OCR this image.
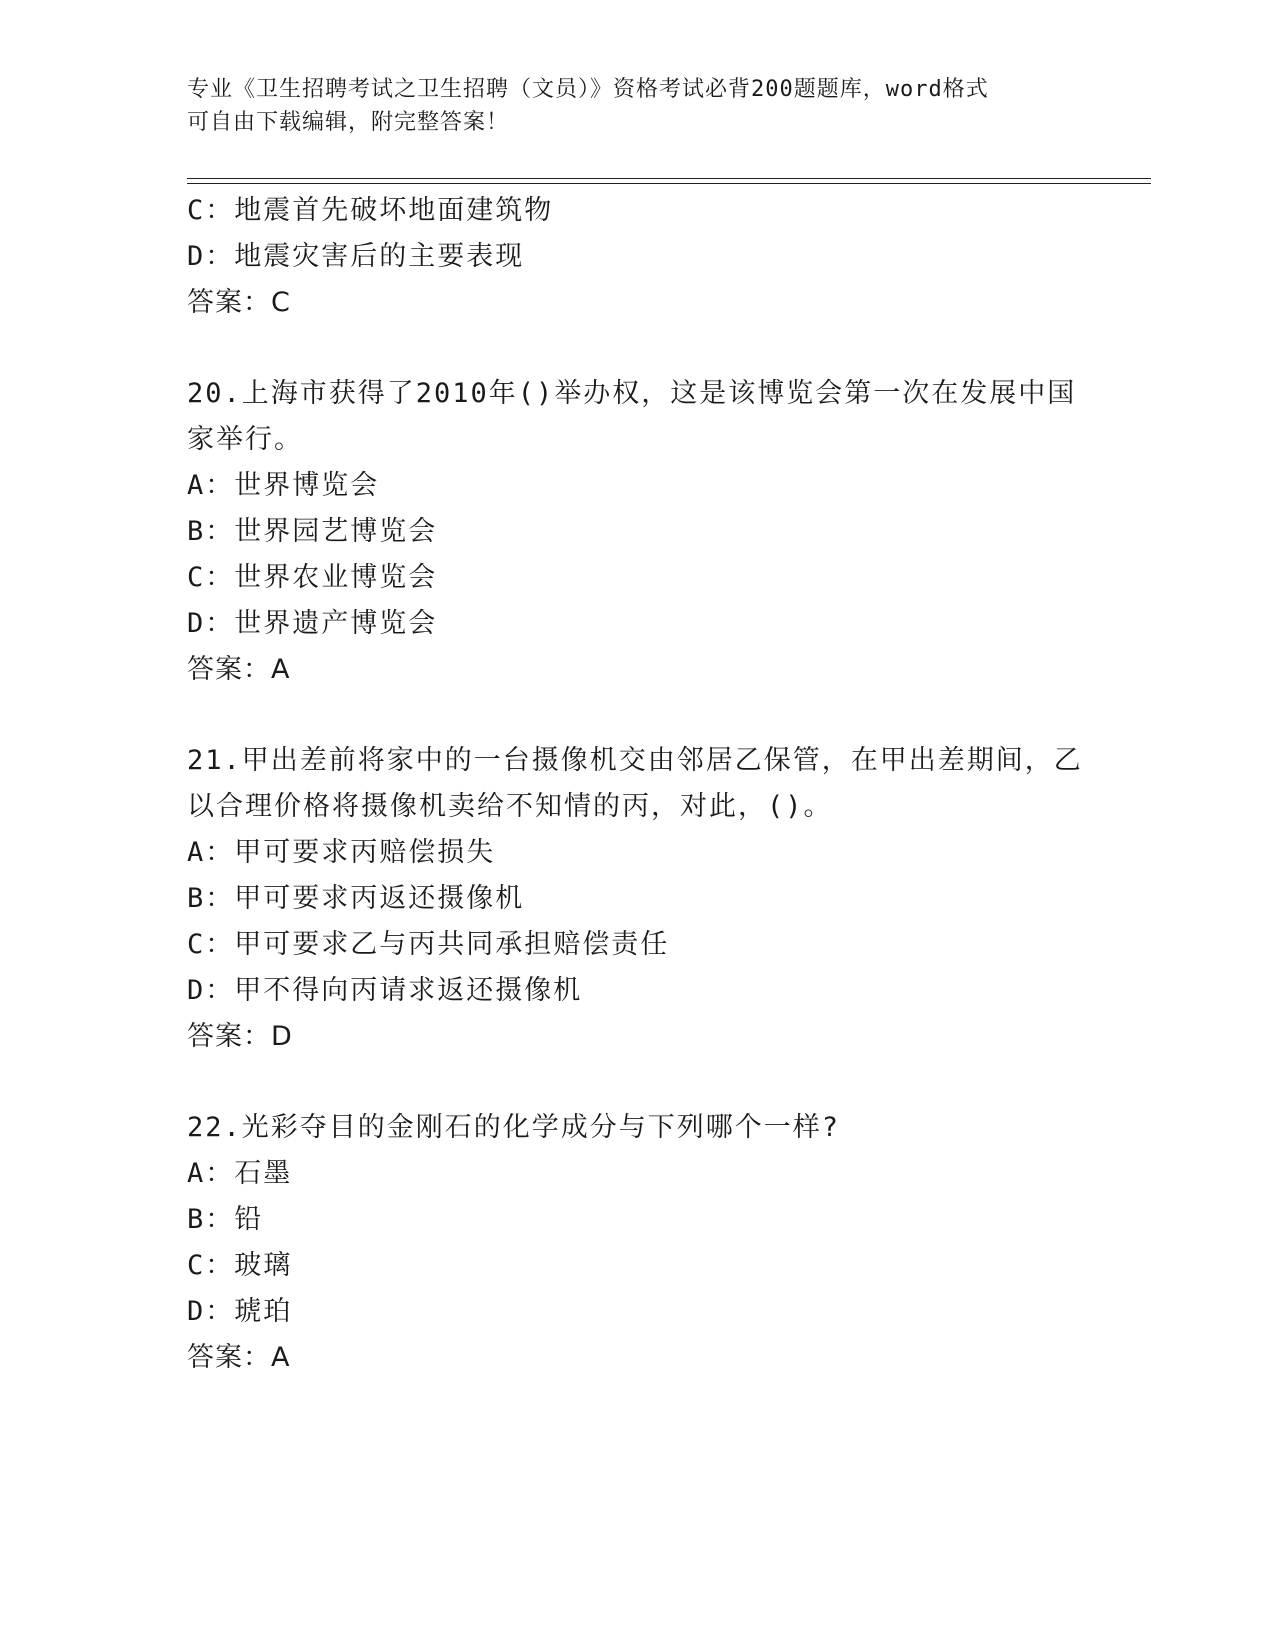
专业《卫生招聘考试之卫生招聘（文员）》资格考试必背200题题库，word格式
可自由下载编辑，附完整答案！
C：地震首先破坏地面建筑物
D：地震灾害后的主要表现
答案：C
20.上海市获得了2010年()举办权，这是该博览会第一次在发展中国
家举行。
A：世界博览会
B：世界园艺博览会
C：世界农业博览会
D：世界遗产博览会
答案：A
21.甲出差前将家中的一台摄像机交由邻居乙保管，在甲出差期间，乙
以合理价格将摄像机卖给不知情的丙，对此，()。
A：甲可要求丙赔偿损失
B：甲可要求丙返还摄像机
C：甲可要求乙与丙共同承担赔偿责任
D：甲不得向丙请求返还摄像机
答案：D
22.光彩夺目的金刚石的化学成分与下列哪个一样?
A：石墨
B：铅
C：玻璃
D：琥珀
答案：A
